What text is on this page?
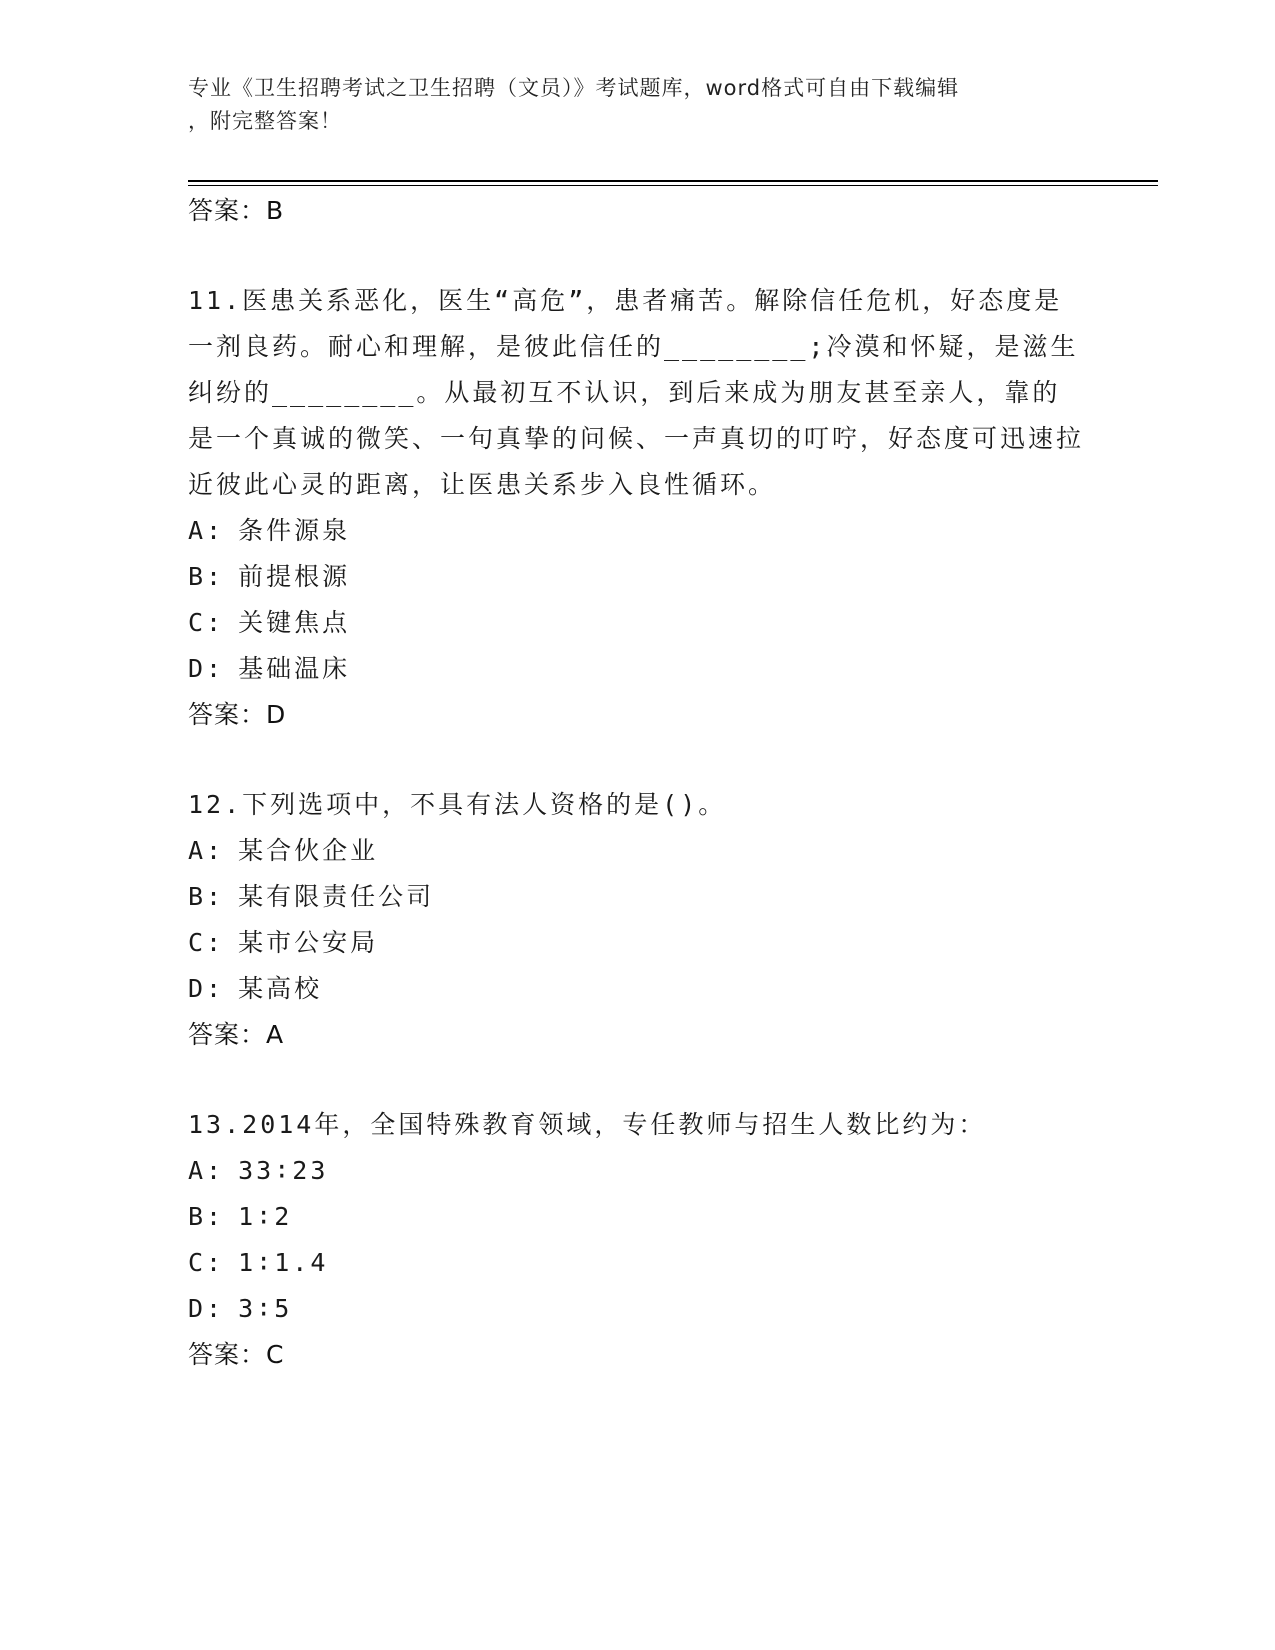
专业《卫生招聘考试之卫生招聘（文员）》考试题库，word格式可自由下载编辑
，附完整答案！
答案：B

11.医患关系恶化，医生“高危”，患者痛苦。解除信任危机，好态度是一剂良药。耐心和理解，是彼此信任的________;冷漠和怀疑，是滋生纠纷的________。从最初互不认识，到后来成为朋友甚至亲人，靠的是一个真诚的微笑、一句真挚的问候、一声真切的叮咛，好态度可迅速拉近彼此心灵的距离，让医患关系步入良性循环。

A: 条件源泉
B: 前提根源
C: 关键焦点
D: 基础温床
答案：D

12.下列选项中，不具有法人资格的是()。

A: 某合伙企业
B: 某有限责任公司
C: 某市公安局
D: 某高校
答案：A

13.2014年，全国特殊教育领域，专任教师与招生人数比约为：

A: 33∶23
B: 1∶2
C: 1∶1.4
D: 3∶5
答案：C
